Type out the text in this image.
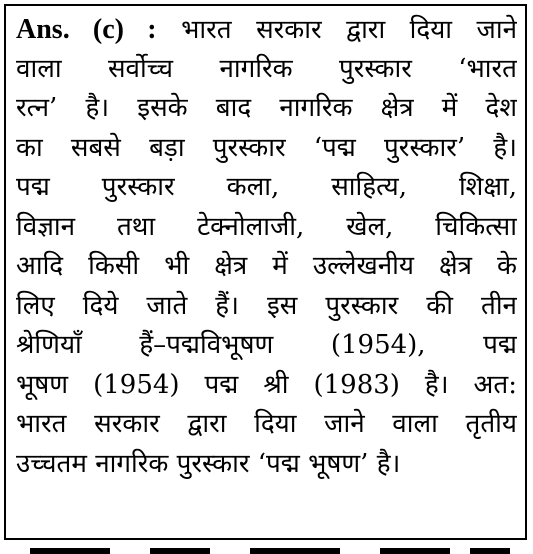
Ans. (c) : भारत सरकार द्वारा दिया जाने
वाला सर्वोच्च नागरिक पुरस्कार ‘भारत
रत्न’ है। इसके बाद नागरिक क्षेत्र में देश
का सबसे बड़ा पुरस्कार ‘पद्म पुरस्कार’ है।
पद्म पुरस्कार कला, साहित्य, शिक्षा,
विज्ञान तथा टेक्नोलाजी, खेल, चिकित्सा
आदि किसी भी क्षेत्र में उल्लेखनीय क्षेत्र के
लिए दिये जाते हैं। इस पुरस्कार की तीन
श्रेणियाँ हैं–पद्मविभूषण (1954), पद्म
भूषण (1954) पद्म श्री (1983) है। अत:
भारत सरकार द्वारा दिया जाने वाला तृतीय
उच्चतम नागरिक पुरस्कार ‘पद्म भूषण’ है।
